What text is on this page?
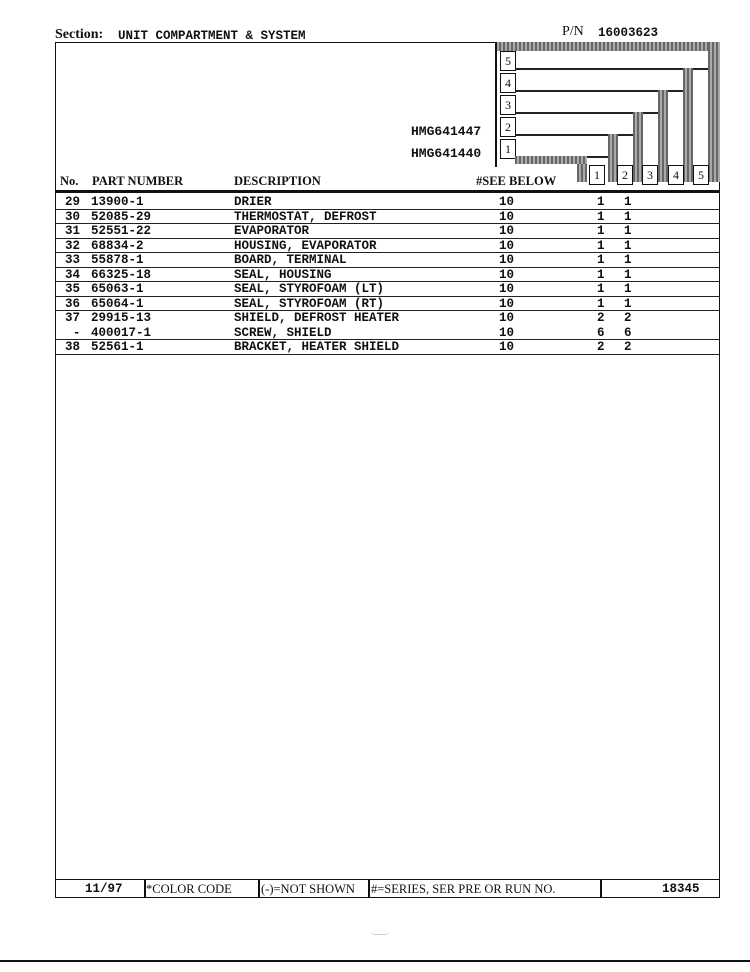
Section: UNIT COMPARTMENT & SYSTEM	P/N 16003623
5
4
3
2
1
HMG641447
HMG641440
1	2	3	4	5
No. PART NUMBER	DESCRIPTION	#SEE BELOW
29 13900-1	DRIER	10	1 1
30 52085-29	THERMOSTAT, DEFROST	10	1 1
31 52551-22	EVAPORATOR	10	1 1
32 68834-2	HOUSING, EVAPORATOR	10	1 1
33 55878-1	BOARD, TERMINAL	10	1 1
34 66325-18	SEAL, HOUSING	10	1 1
35 65063-1	SEAL, STYROFOAM (LT)	10	1 1
36 65064-1	SEAL, STYROFOAM (RT)	10	1 1
37 29915-13	SHIELD, DEFROST HEATER	10	2 2
- 400017-1	SCREW, SHIELD	10	6 6
38 52561-1	BRACKET, HEATER SHIELD	10	2 2
11/97 *COLOR CODE (-)=NOT SHOWN #=SERIES, SER PRE OR RUN NO.	18345
